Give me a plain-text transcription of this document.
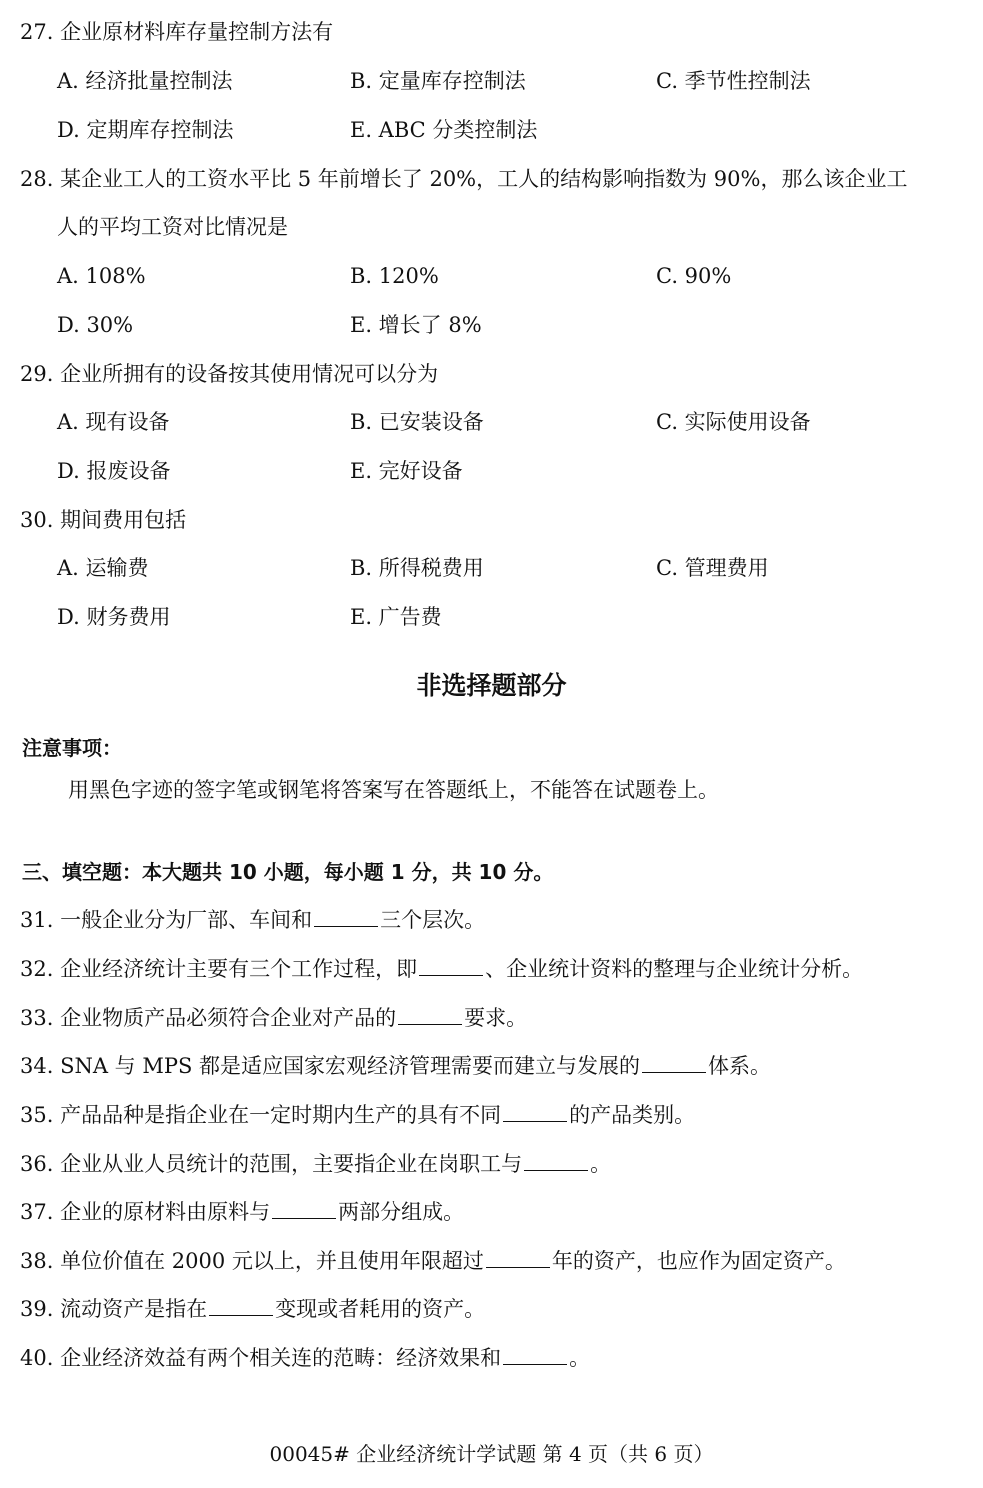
27. 企业原材料库存量控制方法有
A. 经济批量控制法	B. 定量库存控制法	C. 季节性控制法
D. 定期库存控制法	E. ABC 分类控制法
28. 某企业工人的工资水平比 5 年前增长了 20%，工人的结构影响指数为 90%，那么该企业工
人的平均工资对比情况是
A. 108%	B. 120%	C. 90%
D. 30%	E. 增长了 8%
29. 企业所拥有的设备按其使用情况可以分为
A. 现有设备	B. 已安装设备	C. 实际使用设备
D. 报废设备	E. 完好设备
30. 期间费用包括
A. 运输费	B. 所得税费用	C. 管理费用
D. 财务费用	E. 广告费
非选择题部分
注意事项：
用黑色字迹的签字笔或钢笔将答案写在答题纸上，不能答在试题卷上。
三、填空题：本大题共 10 小题，每小题 1 分，共 10 分。
31. 一般企业分为厂部、车间和	三个层次。
32. 企业经济统计主要有三个工作过程，即	、企业统计资料的整理与企业统计分析。
33. 企业物质产品必须符合企业对产品的	要求。
34. SNA 与 MPS 都是适应国家宏观经济管理需要而建立与发展的	体系。
35. 产品品种是指企业在一定时期内生产的具有不同	的产品类别。
36. 企业从业人员统计的范围，主要指企业在岗职工与	。
37. 企业的原材料由原料与	两部分组成。
38. 单位价值在 2000 元以上，并且使用年限超过	年的资产，也应作为固定资产。
39. 流动资产是指在	变现或者耗用的资产。
40. 企业经济效益有两个相关连的范畴：经济效果和	。
00045# 企业经济统计学试题 第 4 页（共 6 页）
